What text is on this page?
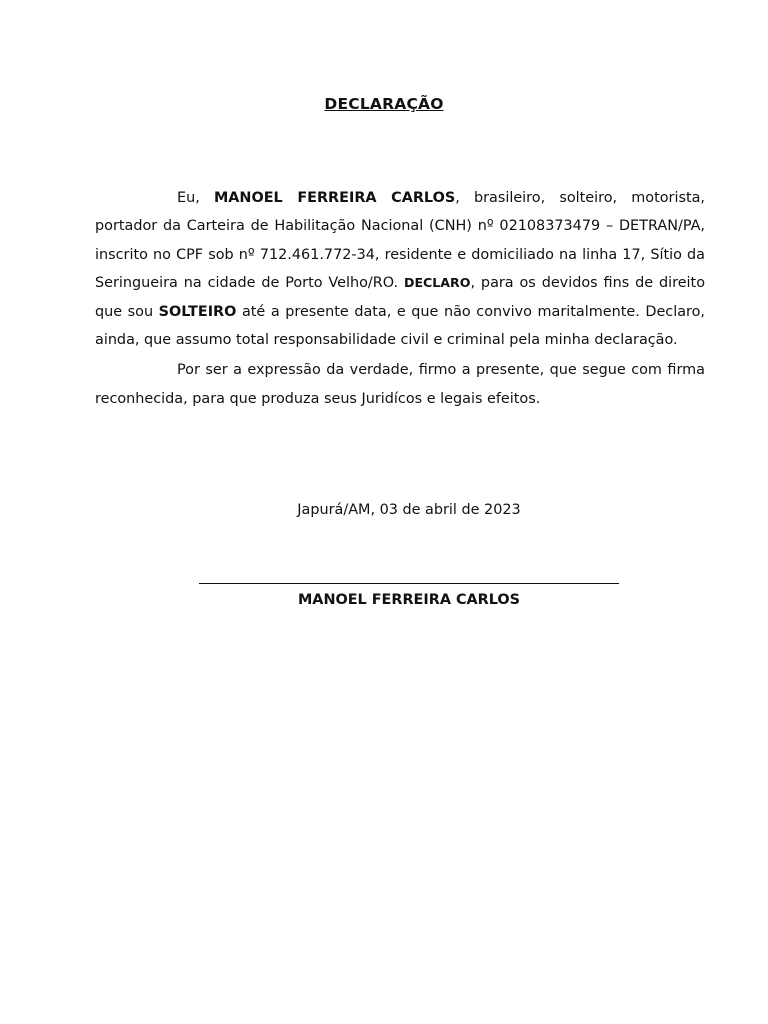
DECLARAÇÃO

Eu, MANOEL FERREIRA CARLOS, brasileiro, solteiro, motorista, portador da Carteira de Habilitação Nacional (CNH) nº 02108373479 – DETRAN/PA, inscrito no CPF sob nº 712.461.772-34, residente e domiciliado na linha 17, Sítio da Seringueira na cidade de Porto Velho/RO. DECLARO, para os devidos fins de direito que sou SOLTEIRO até a presente data, e que não convivo maritalmente. Declaro, ainda, que assumo total responsabilidade civil e criminal pela minha declaração.

Por ser a expressão da verdade, firmo a presente, que segue com firma reconhecida, para que produza seus Juridícos e legais efeitos.

Japurá/AM, 03 de abril de 2023
MANOEL FERREIRA CARLOS
